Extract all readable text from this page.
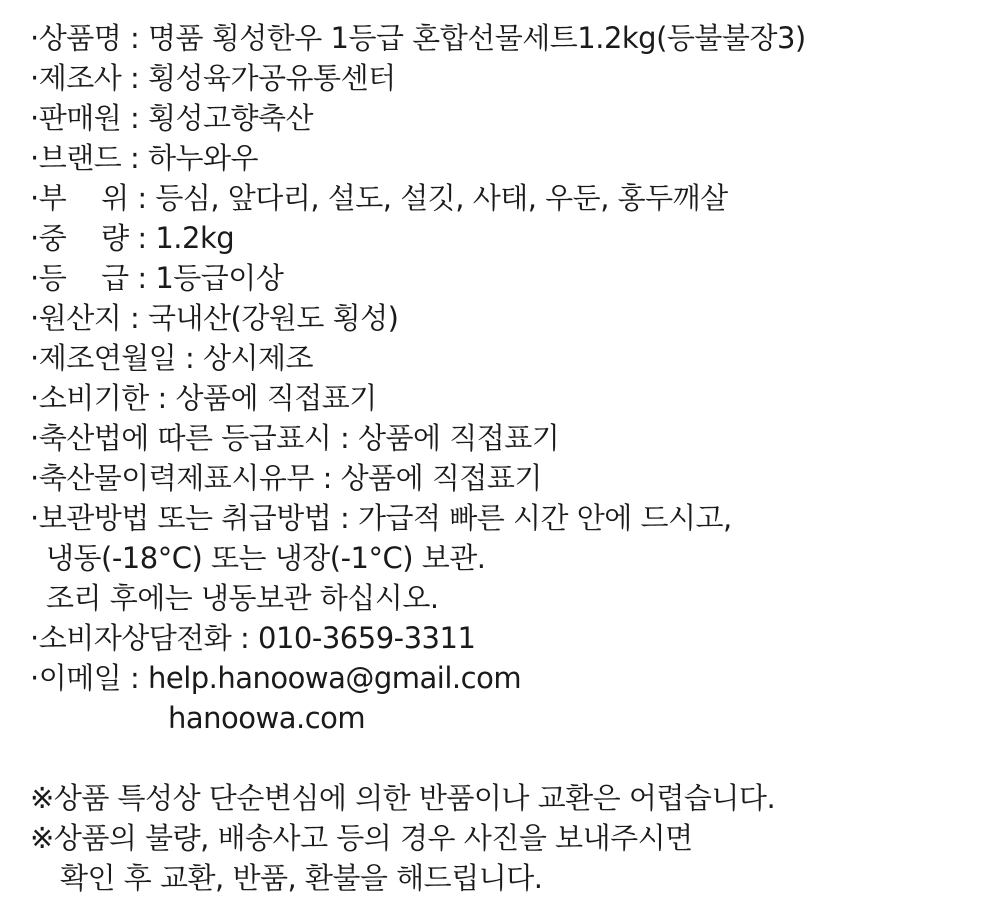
·상품명 : 명품 횡성한우 1등급 혼합선물세트1.2kg(등불불장3)
·제조사 : 횡성육가공유통센터
·판매원 : 횡성고향축산
·브랜드 : 하누와우
·부    위 : 등심, 앞다리, 설도, 설깃, 사태, 우둔, 홍두깨살
·중    량 : 1.2kg
·등    급 : 1등급이상
·원산지 : 국내산(강원도 횡성)
·제조연월일 : 상시제조
·소비기한 : 상품에 직접표기
·축산법에 따른 등급표시 : 상품에 직접표기
·축산물이력제표시유무 : 상품에 직접표기
·보관방법 또는 취급방법 : 가급적 빠른 시간 안에 드시고,
냉동(-18°C) 또는 냉장(-1°C) 보관.
조리 후에는 냉동보관 하십시오.
·소비자상담전화 : 010-3659-3311
·이메일 : help.hanoowa@gmail.com
hanoowa.com
※상품 특성상 단순변심에 의한 반품이나 교환은 어렵습니다.
※상품의 불량, 배송사고 등의 경우 사진을 보내주시면
확인 후 교환, 반품, 환불을 해드립니다.
